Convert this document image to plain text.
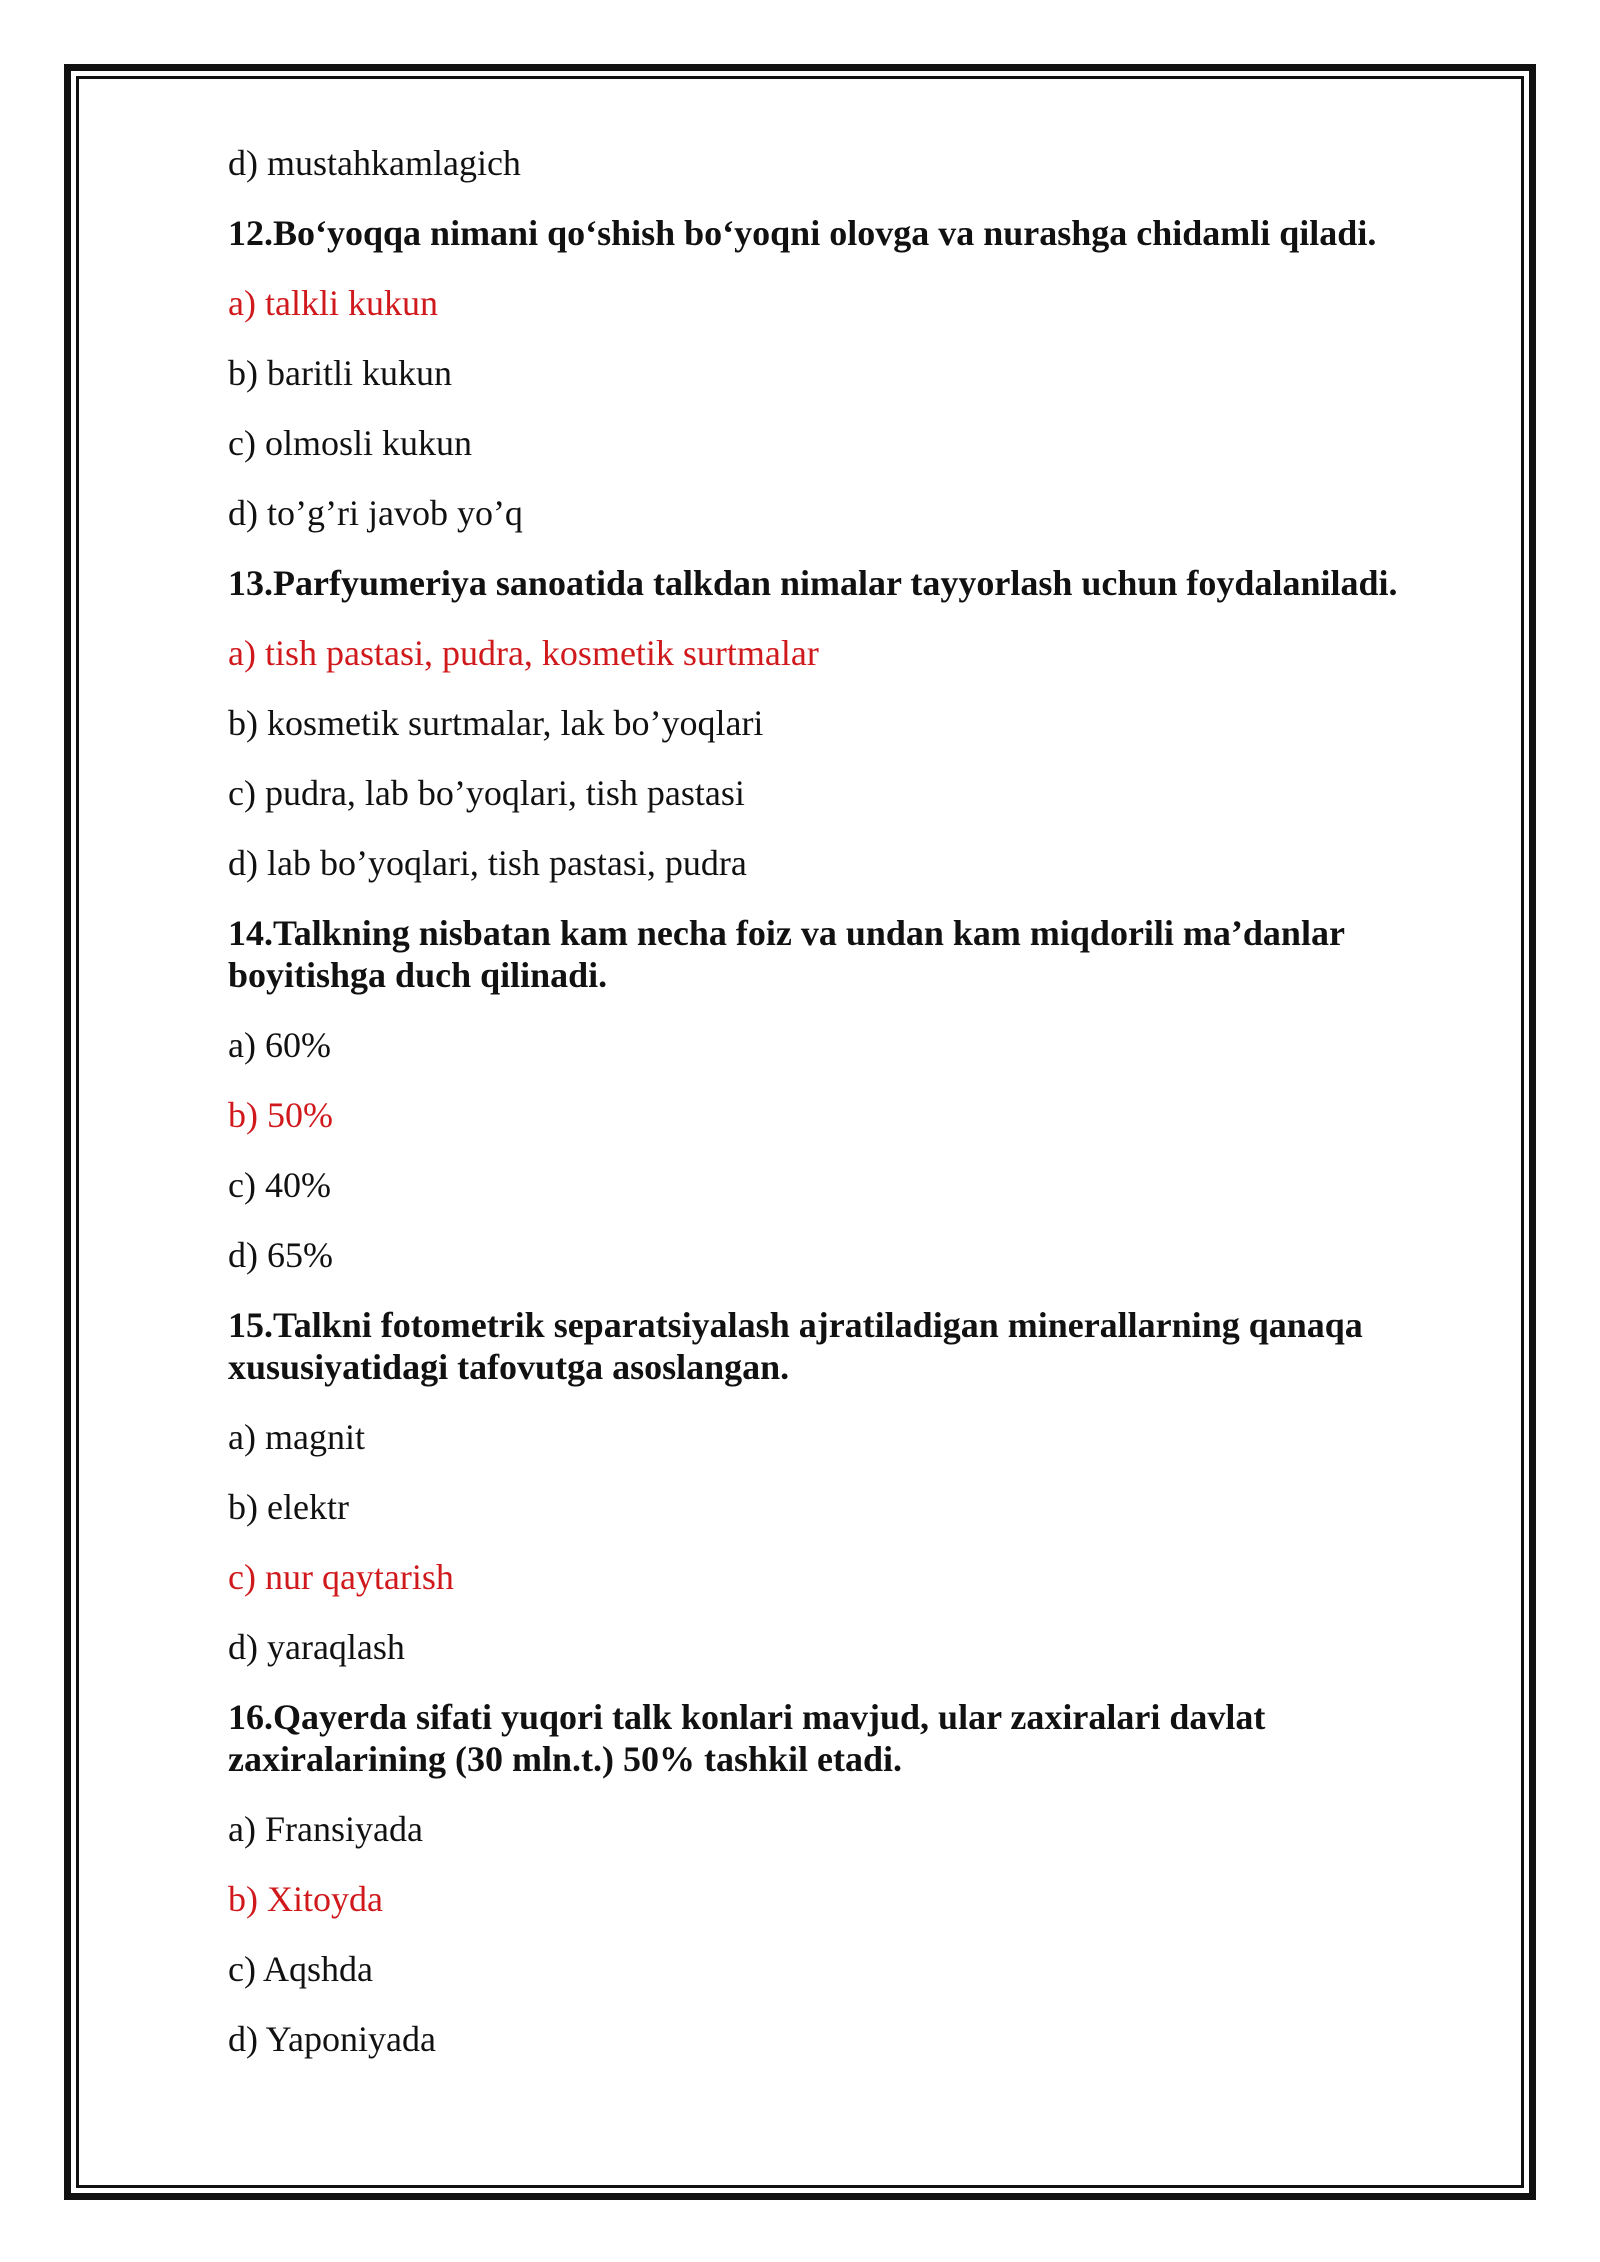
d) mustahkamlagich

12.Bo‘yoqqa nimani qo‘shish bo‘yoqni olovga va nurashga chidamli qiladi.

a) talkli kukun

b) baritli kukun

c) olmosli kukun

d) to’g’ri javob yo’q

13.Parfyumeriya sanoatida talkdan nimalar tayyorlash uchun foydalaniladi.

a) tish pastasi, pudra, kosmetik surtmalar

b) kosmetik surtmalar, lak bo’yoqlari

c) pudra, lab bo’yoqlari, tish pastasi

d) lab bo’yoqlari, tish pastasi, pudra

14.Talkning nisbatan kam necha foiz va undan kam miqdorili ma’danlar

boyitishga duch qilinadi.

a) 60%

b) 50%

c) 40%

d) 65%

15.Talkni fotometrik separatsiyalash ajratiladigan minerallarning qanaqa

xususiyatidagi tafovutga asoslangan.

a) magnit

b) elektr

c) nur qaytarish

d) yaraqlash

16.Qayerda sifati yuqori talk konlari mavjud, ular zaxiralari davlat

zaxiralarining (30 mln.t.) 50% tashkil etadi.

a) Fransiyada

b) Xitoyda

c) Aqshda

d) Yaponiyada
